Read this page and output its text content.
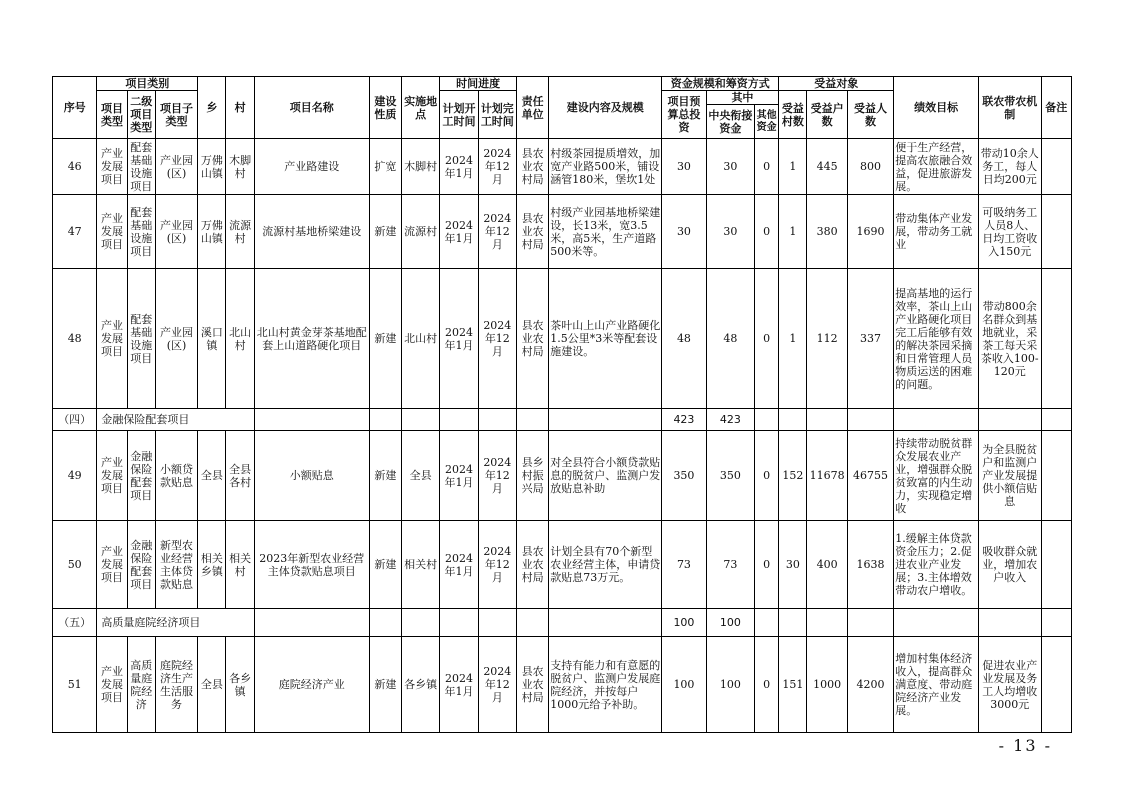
序号	项目类别			乡	村	项目名称	建设性质	实施地点	时间进度		责任单位	建设内容及规模	资金规模和筹资方式			受益对象			绩效目标	联农带农机制	备注
	项目类型	二级项目类型	项目子类型						计划开工时间	计划完工时间			项目预算总投资	其中		受益村数	受益户数	受益人数			
														中央衔接资金	其他资金						
46	产业发展项目	配套基础设施项目	产业园(区)	万佛山镇	木脚村	产业路建设	扩宽	木脚村	2024年1月	2024年12月	县农业农村局	村级茶园提质增效，加宽产业路500米，铺设涵管180米，堡坎1处	30	30	0	1	445	800	便于生产经营，提高农旅融合效益，促进旅游发展。	带动10余人务工，每人日均200元	
47	产业发展项目	配套基础设施项目	产业园(区)	万佛山镇	流源村	流源村基地桥梁建设	新建	流源村	2024年1月	2024年12月	县农业农村局	村级产业园基地桥梁建设，长13米，宽3.5米，高5米，生产道路500米等。	30	30	0	1	380	1690	带动集体产业发展，带动务工就业	可吸纳务工人员8人、日均工资收入150元	
48	产业发展项目	配套基础设施项目	产业园(区)	溪口镇	北山村	北山村黄金芽茶基地配套上山道路硬化项目	新建	北山村	2024年1月	2024年12月	县农业农村局	茶叶山上山产业路硬化1.5公里*3米等配套设施建设。	48	48	0	1	112	337	提高基地的运行效率，茶山上山产业路硬化项目完工后能够有效的解决茶园采摘和日常管理人员物质运送的困难的问题。	带动800余名群众到基地就业，采茶工每天采茶收入100-120元	
（四）	金融保险配套项目												423	423							
49	产业发展项目	金融保险配套项目	小额贷款贴息	全县	全县各村	小额贴息	新建	全县	2024年1月	2024年12月	县乡村振兴局	对全县符合小额贷款贴息的脱贫户、监测户发放贴息补助	350	350	0	152	11678	46755	持续带动脱贫群众发展农业产业，增强群众脱贫致富的内生动力，实现稳定增收	为全县脱贫户和监测户产业发展提供小额信贴息	
50	产业发展项目	金融保险配套项目	新型农业经营主体贷款贴息	相关乡镇	相关村	2023年新型农业经营主体贷款贴息项目	新建	相关村	2024年1月	2024年12月	县农业农村局	计划全县有70个新型农业经营主体，申请贷款贴息73万元。	73	73	0	30	400	1638	1.缓解主体贷款资金压力；2.促进农业产业发展；3.主体增效带动农户增收。	吸收群众就业，增加农户收入	
（五）	高质量庭院经济项目												100	100							
51	产业发展项目	高质量庭院经济	庭院经济生产生活服务	全县	各乡镇	庭院经济产业	新建	各乡镇	2024年1月	2024年12月	县农业农村局	支持有能力和有意愿的脱贫户、监测户发展庭院经济，并按每户1000元给予补助。	100	100	0	151	1000	4200	增加村集体经济收入，提高群众满意度、带动庭院经济产业发展。	促进农业产业发展及务工人均增收3000元	
- 13 -
